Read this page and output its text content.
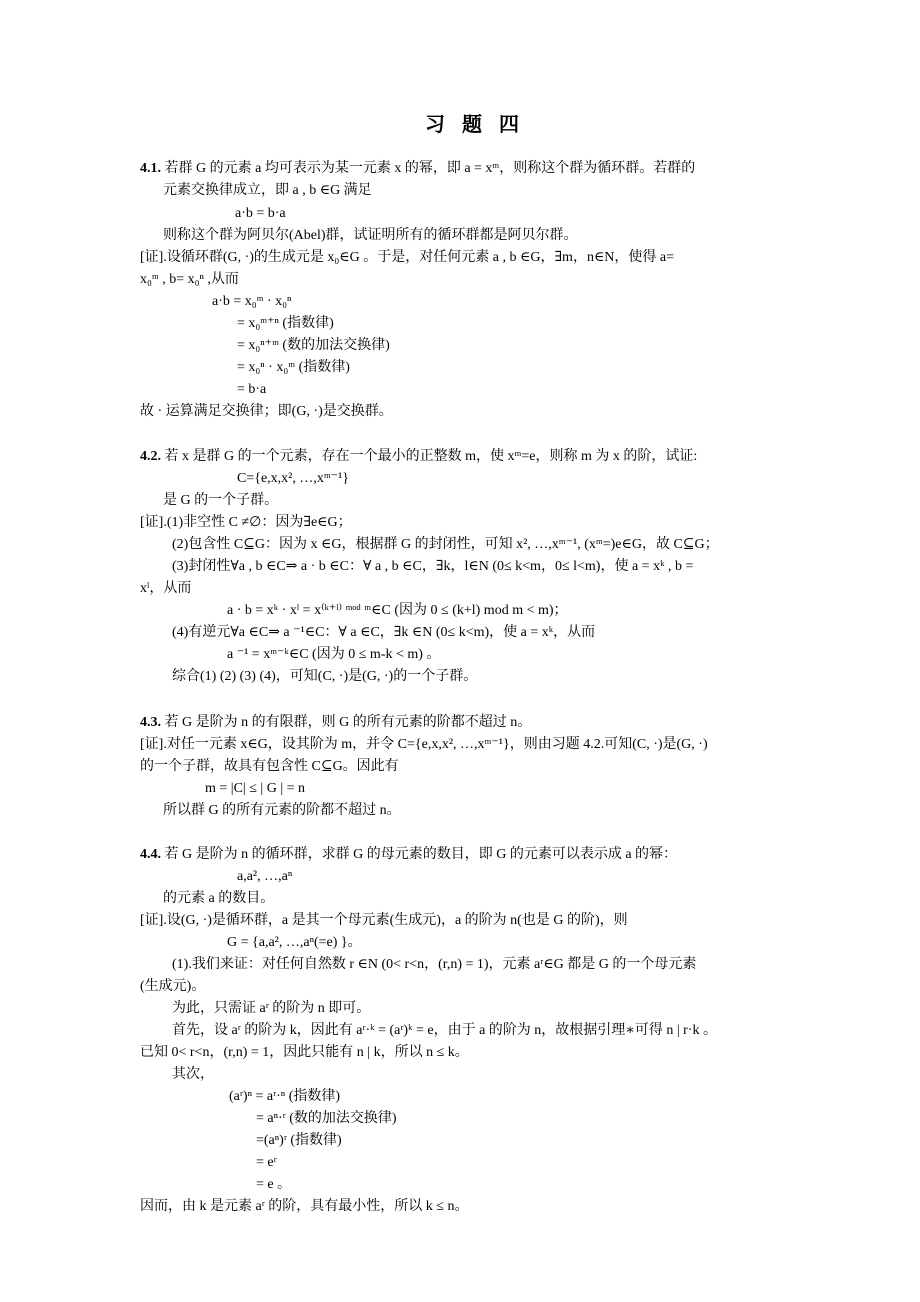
习 题 四
4.1. 若群 G 的元素 a 均可表示为某一元素 x 的幂，即 a = xᵐ，则称这个群为循环群。若群的
元素交换律成立，即 a , b ∈G 满足
a·b = b·a
则称这个群为阿贝尔(Abel)群，试证明所有的循环群都是阿贝尔群。
[证].设循环群(G, ·)的生成元是 x₀∈G 。于是，对任何元素 a , b ∈G，∃m，n∈N，使得 a=
x₀ᵐ , b= x₀ⁿ ,从而
a·b = x₀ᵐ · x₀ⁿ
= x₀ᵐ⁺ⁿ (指数律)
= x₀ⁿ⁺ᵐ (数的加法交换律)
= x₀ⁿ · x₀ᵐ (指数律)
= b·a
故 · 运算满足交换律；即(G, ·)是交换群。
4.2. 若 x 是群 G 的一个元素，存在一个最小的正整数 m，使 xᵐ=e，则称 m 为 x 的阶，试证:
C={e,x,x², …,xᵐ⁻¹}
是 G 的一个子群。
[证].(1)非空性 C ≠∅：因为∃e∈G；
(2)包含性 C⊆G：因为 x ∈G，根据群 G 的封闭性，可知 x², …,xᵐ⁻¹, (xᵐ=)e∈G，故 C⊆G；
(3)封闭性∀a , b ∈C⇒ a · b ∈C：∀ a , b ∈C，∃k，l∈N (0≤ k<m，0≤ l<m)，使 a = xᵏ , b =
xˡ，从而
a · b = xᵏ · xˡ = x⁽ᵏ⁺ˡ⁾ ᵐᵒᵈ ᵐ∈C (因为 0 ≤ (k+l) mod m < m)；
(4)有逆元∀a ∈C⇒ a ⁻¹∈C：∀ a ∈C，∃k ∈N (0≤ k<m)，使 a = xᵏ，从而
a ⁻¹ = xᵐ⁻ᵏ∈C (因为 0 ≤ m-k < m) 。
综合(1) (2) (3) (4)，可知(C, ·)是(G, ·)的一个子群。
4.3. 若 G 是阶为 n 的有限群，则 G 的所有元素的阶都不超过 n。
[证].对任一元素 x∈G，设其阶为 m，并令 C={e,x,x², …,xᵐ⁻¹}，则由习题 4.2.可知(C, ·)是(G, ·)
的一个子群，故具有包含性 C⊆G。因此有
m = |C| ≤ | G | = n
所以群 G 的所有元素的阶都不超过 n。
4.4. 若 G 是阶为 n 的循环群，求群 G 的母元素的数目，即 G 的元素可以表示成 a 的幂：
a,a², …,aⁿ
的元素 a 的数目。
[证].设(G, ·)是循环群，a 是其一个母元素(生成元)，a 的阶为 n(也是 G 的阶)，则
G = {a,a², …,aⁿ(=e) }。
(1).我们来证：对任何自然数 r ∈N (0< r<n，(r,n) = 1)，元素 aʳ∈G 都是 G 的一个母元素
(生成元)。
为此，只需证 aʳ 的阶为 n 即可。
首先，设 aʳ 的阶为 k，因此有 aʳ·ᵏ = (aʳ)ᵏ = e，由于 a 的阶为 n，故根据引理∗可得 n | r·k 。
已知 0< r<n，(r,n) = 1，因此只能有 n | k，所以 n ≤ k。
其次，
(aʳ)ⁿ = aʳ·ⁿ (指数律)
= aⁿ·ʳ (数的加法交换律)
=(aⁿ)ʳ (指数律)
= eʳ
= e 。
因而，由 k 是元素 aʳ 的阶，具有最小性，所以 k ≤ n。
